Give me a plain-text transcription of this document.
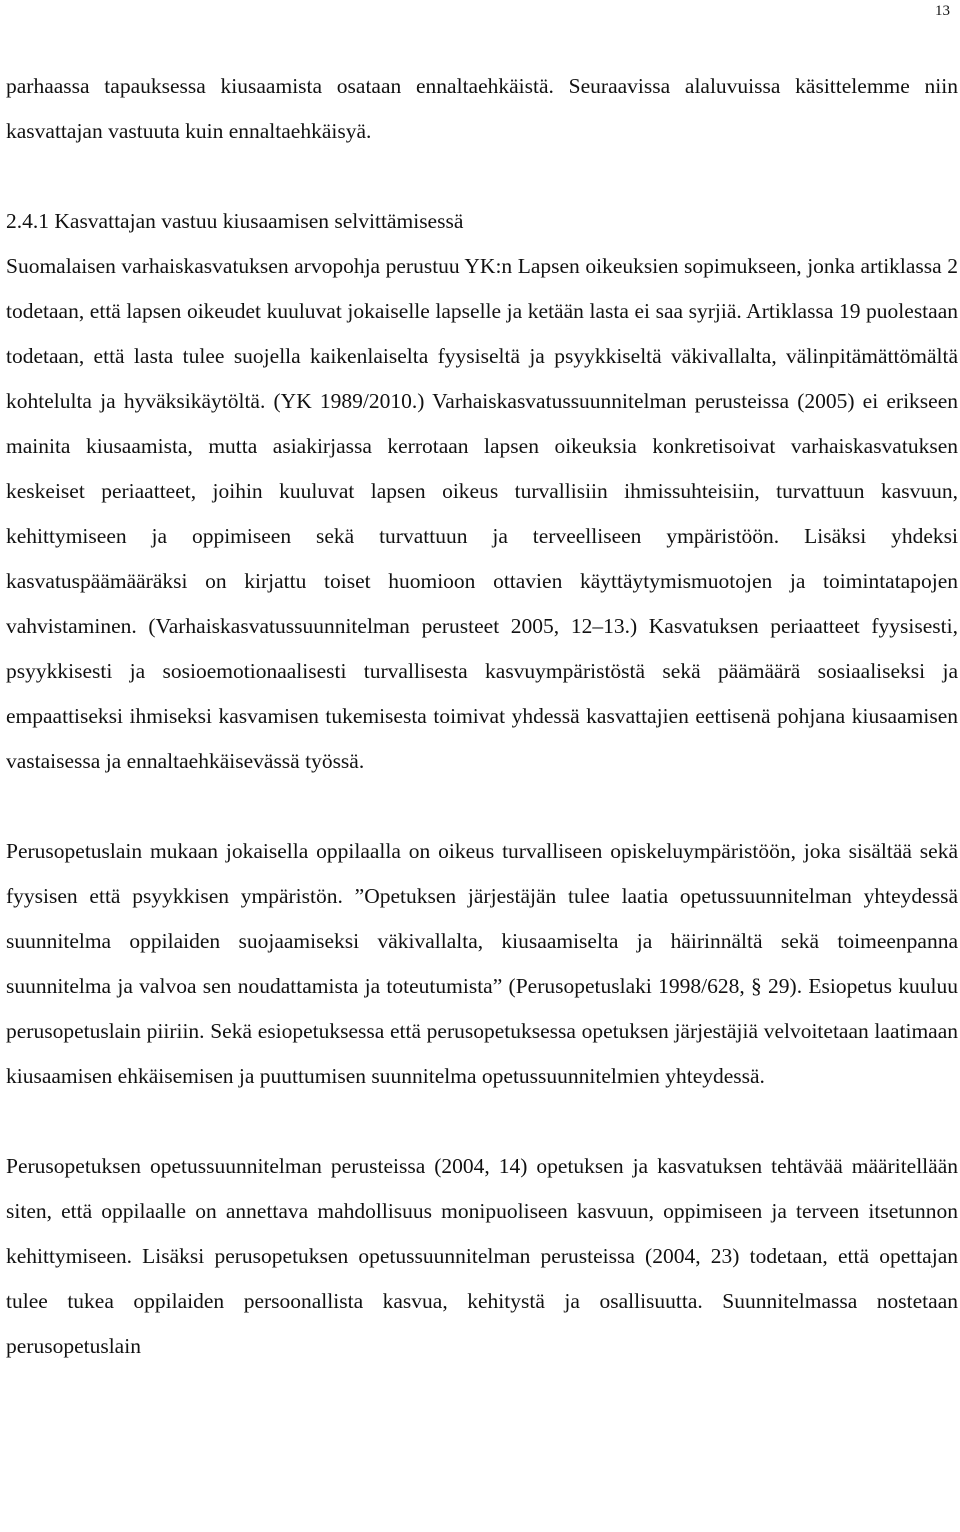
13

parhaassa tapauksessa kiusaamista osataan ennaltaehkäistä. Seuraavissa alaluvuissa käsittelemme niin kasvattajan vastuuta kuin ennaltaehkäisyä.

2.4.1 Kasvattajan vastuu kiusaamisen selvittämisessä

Suomalaisen varhaiskasvatuksen arvopohja perustuu YK:n Lapsen oikeuksien sopimukseen, jonka artiklassa 2 todetaan, että lapsen oikeudet kuuluvat jokaiselle lapselle ja ketään lasta ei saa syrjiä. Artiklassa 19 puolestaan todetaan, että lasta tulee suojella kaikenlaiselta fyysiseltä ja psyykkiseltä väkivallalta, välinpitämättömältä kohtelulta ja hyväksikäytöltä. (YK 1989/2010.) Varhaiskasvatussuunnitelman perusteissa (2005) ei erikseen mainita kiusaamista, mutta asiakirjassa kerrotaan lapsen oikeuksia konkretisoivat varhaiskasvatuksen keskeiset periaatteet, joihin kuuluvat lapsen oikeus turvallisiin ihmissuhteisiin, turvattuun kasvuun, kehittymiseen ja oppimiseen sekä turvattuun ja terveelliseen ympäristöön. Lisäksi yhdeksi kasvatuspäämääräksi on kirjattu toiset huomioon ottavien käyttäytymismuotojen ja toimintatapojen vahvistaminen. (Varhaiskasvatussuunnitelman perusteet 2005, 12–13.) Kasvatuksen periaatteet fyysisesti, psyykkisesti ja sosioemotionaalisesti turvallisesta kasvuympäristöstä sekä päämäärä sosiaaliseksi ja empaattiseksi ihmiseksi kasvamisen tukemisesta toimivat yhdessä kasvattajien eettisenä pohjana kiusaamisen vastaisessa ja ennaltaehkäisevässä työssä.

Perusopetuslain mukaan jokaisella oppilaalla on oikeus turvalliseen opiskeluympäristöön, joka sisältää sekä fyysisen että psyykkisen ympäristön. ”Opetuksen järjestäjän tulee laatia opetussuunnitelman yhteydessä suunnitelma oppilaiden suojaamiseksi väkivallalta, kiusaamiselta ja häirinnältä sekä toimeenpanna suunnitelma ja valvoa sen noudattamista ja toteutumista” (Perusopetuslaki 1998/628, § 29). Esiopetus kuuluu perusopetuslain piiriin. Sekä esiopetuksessa että perusopetuksessa opetuksen järjestäjiä velvoitetaan laatimaan kiusaamisen ehkäisemisen ja puuttumisen suunnitelma opetussuunnitelmien yhteydessä.

Perusopetuksen opetussuunnitelman perusteissa (2004, 14) opetuksen ja kasvatuksen tehtävää määritellään siten, että oppilaalle on annettava mahdollisuus monipuoliseen kasvuun, oppimiseen ja terveen itsetunnon kehittymiseen. Lisäksi perusopetuksen opetussuunnitelman perusteissa (2004, 23) todetaan, että opettajan tulee tukea oppilaiden persoonallista kasvua, kehitystä ja osallisuutta. Suunnitelmassa nostetaan perusopetuslain
